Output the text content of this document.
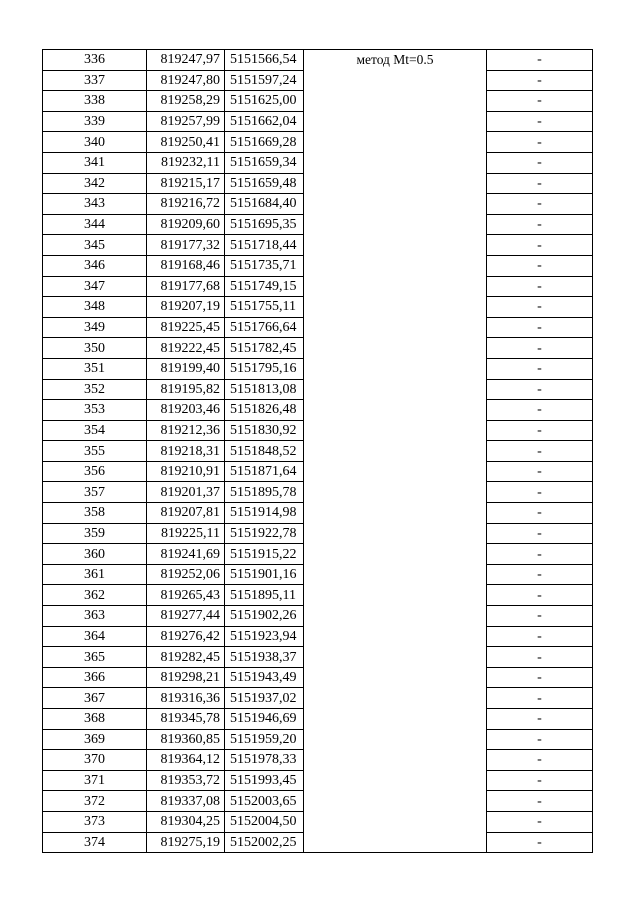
336	819247,97	5151566,54	метод Mt=0.5	-
337	819247,80	5151597,24		-
338	819258,29	5151625,00		-
339	819257,99	5151662,04		-
340	819250,41	5151669,28		-
341	819232,11	5151659,34		-
342	819215,17	5151659,48		-
343	819216,72	5151684,40		-
344	819209,60	5151695,35		-
345	819177,32	5151718,44		-
346	819168,46	5151735,71		-
347	819177,68	5151749,15		-
348	819207,19	5151755,11		-
349	819225,45	5151766,64		-
350	819222,45	5151782,45		-
351	819199,40	5151795,16		-
352	819195,82	5151813,08		-
353	819203,46	5151826,48		-
354	819212,36	5151830,92		-
355	819218,31	5151848,52		-
356	819210,91	5151871,64		-
357	819201,37	5151895,78		-
358	819207,81	5151914,98		-
359	819225,11	5151922,78		-
360	819241,69	5151915,22		-
361	819252,06	5151901,16		-
362	819265,43	5151895,11		-
363	819277,44	5151902,26		-
364	819276,42	5151923,94		-
365	819282,45	5151938,37		-
366	819298,21	5151943,49		-
367	819316,36	5151937,02		-
368	819345,78	5151946,69		-
369	819360,85	5151959,20		-
370	819364,12	5151978,33		-
371	819353,72	5151993,45		-
372	819337,08	5152003,65		-
373	819304,25	5152004,50		-
374	819275,19	5152002,25		-
